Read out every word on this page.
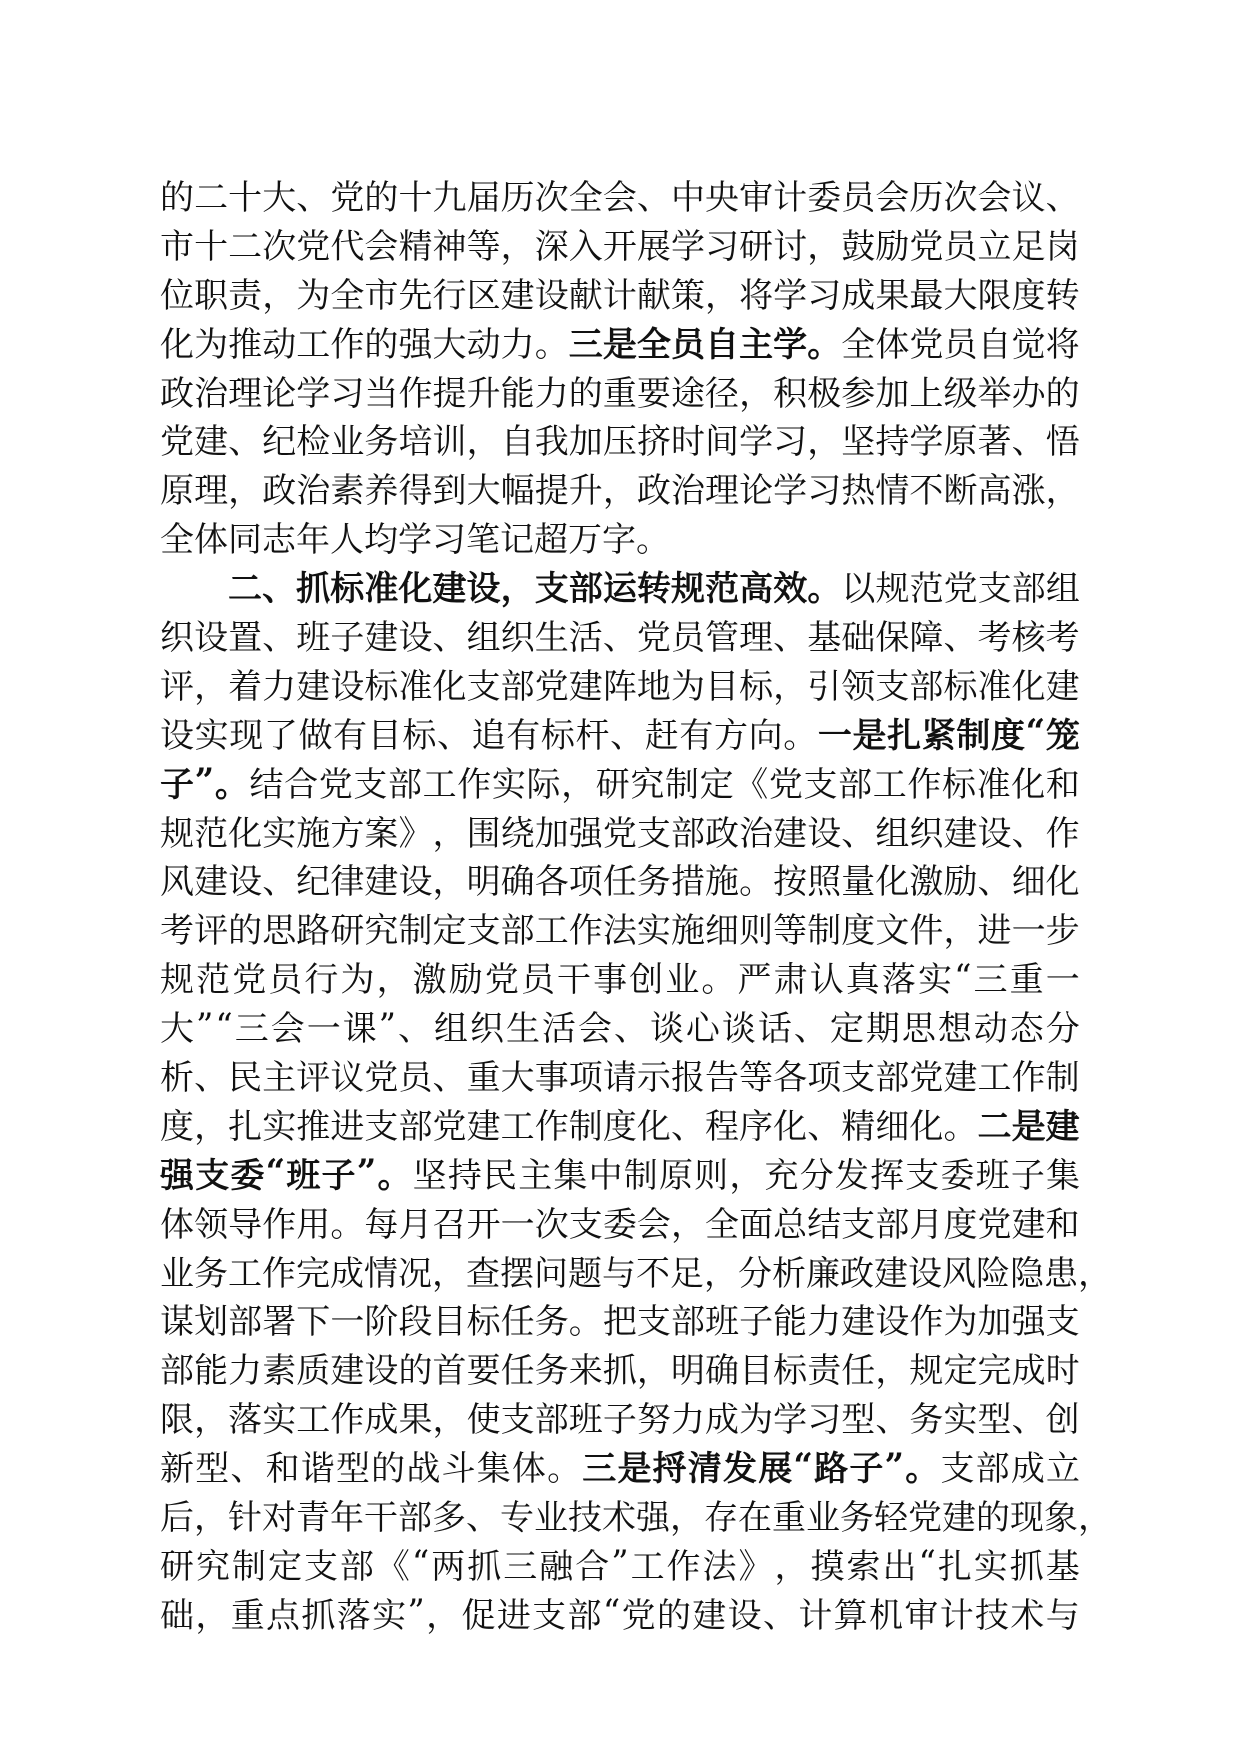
的 二 十 大 、 党 的 十 九 届 历 次 全 会 、 中 央 审 计 委 员 会 历 次 会 议 、
市 十 二 次 党 代 会 精 神 等 ， 深 入 开 展 学 习 研 讨 ， 鼓 励 党 员 立 足 岗
位 职 责 ， 为 全 市 先 行 区 建 设 献 计 献 策 ， 将 学 习 成 果 最 大 限 度 转
化 为 推 动 工 作 的 强 大 动 力 。 三 是 全 员 自 主 学 。 全 体 党 员 自 觉 将
政 治 理 论 学 习 当 作 提 升 能 力 的 重 要 途 径 ， 积 极 参 加 上 级 举 办 的
党 建 、 纪 检 业 务 培 训 ， 自 我 加 压 挤 时 间 学 习 ， 坚 持 学 原 著 、 悟
原 理 ， 政 治 素 养 得 到 大 幅 提 升 ， 政 治 理 论 学 习 热 情 不 断 高 涨 ，
全 体 同 志 年 人 均 学 习 笔 记 超 万 字 。
二 、 抓 标 准 化 建 设 ， 支 部 运 转 规 范 高 效 。 以 规 范 党 支 部 组
织 设 置 、 班 子 建 设 、 组 织 生 活 、 党 员 管 理 、 基 础 保 障 、 考 核 考
评 ， 着 力 建 设 标 准 化 支 部 党 建 阵 地 为 目 标 ， 引 领 支 部 标 准 化 建
设 实 现 了 做 有 目 标 、 追 有 标 杆 、 赶 有 方 向 。 一 是 扎 紧 制 度 “ 笼
子 ” 。 结 合 党 支 部 工 作 实 际 ， 研 究 制 定 《 党 支 部 工 作 标 准 化 和
规 范 化 实 施 方 案 》 ， 围 绕 加 强 党 支 部 政 治 建 设 、 组 织 建 设 、 作
风 建 设 、 纪 律 建 设 ， 明 确 各 项 任 务 措 施 。 按 照 量 化 激 励 、 细 化
考 评 的 思 路 研 究 制 定 支 部 工 作 法 实 施 细 则 等 制 度 文 件 ， 进 一 步
规 范 党 员 行 为 ， 激 励 党 员 干 事 创 业 。 严 肃 认 真 落 实 “ 三 重 一
大 ” “ 三 会 一 课 ” 、 组 织 生 活 会 、 谈 心 谈 话 、 定 期 思 想 动 态 分
析 、 民 主 评 议 党 员 、 重 大 事 项 请 示 报 告 等 各 项 支 部 党 建 工 作 制
度 ， 扎 实 推 进 支 部 党 建 工 作 制 度 化 、 程 序 化 、 精 细 化 。 二 是 建
强 支 委 “ 班 子 ” 。 坚 持 民 主 集 中 制 原 则 ， 充 分 发 挥 支 委 班 子 集
体 领 导 作 用 。 每 月 召 开 一 次 支 委 会 ， 全 面 总 结 支 部 月 度 党 建 和
业 务 工 作 完 成 情 况 ， 查 摆 问 题 与 不 足 ， 分 析 廉 政 建 设 风 险 隐 患 ，
谋 划 部 署 下 一 阶 段 目 标 任 务 。 把 支 部 班 子 能 力 建 设 作 为 加 强 支
部 能 力 素 质 建 设 的 首 要 任 务 来 抓 ， 明 确 目 标 责 任 ， 规 定 完 成 时
限 ， 落 实 工 作 成 果 ， 使 支 部 班 子 努 力 成 为 学 习 型 、 务 实 型 、 创
新 型 、 和 谐 型 的 战 斗 集 体 。 三 是 捋 清 发 展 “ 路 子 ” 。 支 部 成 立
后 ， 针 对 青 年 干 部 多 、 专 业 技 术 强 ， 存 在 重 业 务 轻 党 建 的 现 象 ，
研 究 制 定 支 部 《 “ 两 抓 三 融 合 ” 工 作 法 》 ， 摸 索 出 “ 扎 实 抓 基
础 ， 重 点 抓 落 实 ” ， 促 进 支 部 “ 党 的 建 设 、 计 算 机 审 计 技 术 与
